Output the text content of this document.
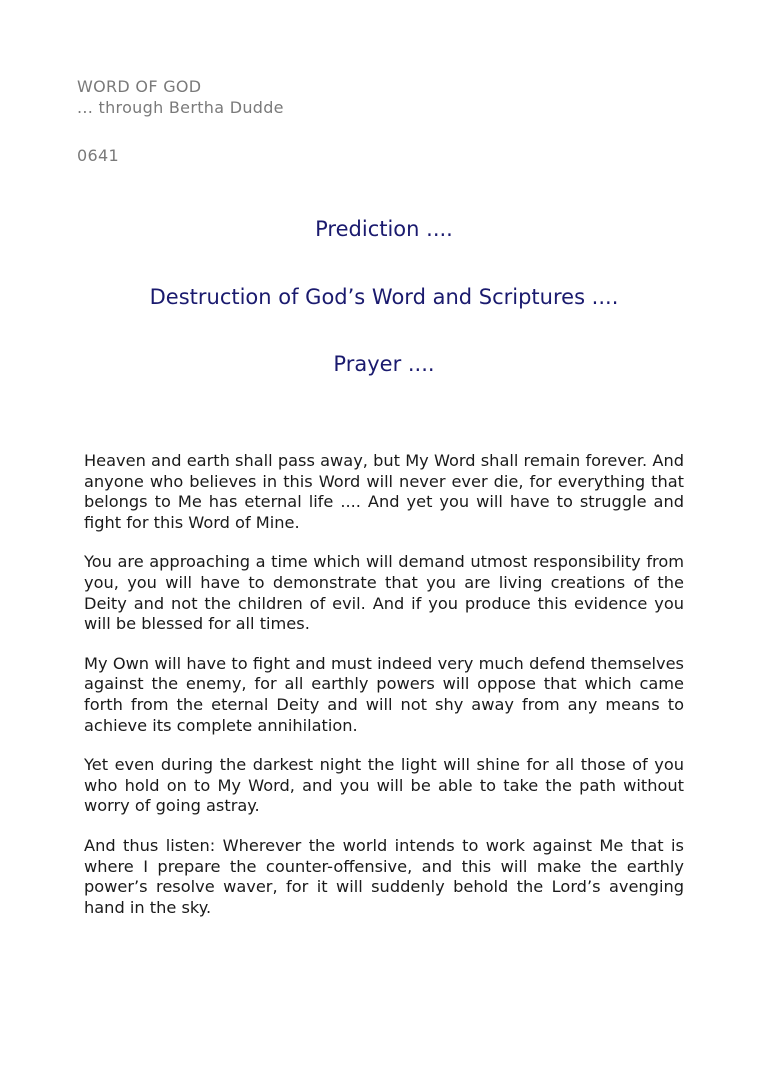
WORD OF GOD
... through Bertha Dudde
0641
Prediction ....
Destruction of God’s Word and Scriptures ....
Prayer ....

Heaven and earth shall pass away, but My Word shall remain forever. And anyone who believes in this Word will never ever die, for everything that belongs to Me has eternal life .... And yet you will have to struggle and fight for this Word of Mine.

You are approaching a time which will demand utmost responsibility from you, you will have to demonstrate that you are living creations of the Deity and not the children of evil. And if you produce this evidence you will be blessed for all times.

My Own will have to fight and must indeed very much defend themselves against the enemy, for all earthly powers will oppose that which came forth from the eternal Deity and will not shy away from any means to achieve its complete annihilation.

Yet even during the darkest night the light will shine for all those of you who hold on to My Word, and you will be able to take the path without worry of going astray.

And thus listen: Wherever the world intends to work against Me that is where I prepare the counter-offensive, and this will make the earthly power’s resolve waver, for it will suddenly behold the Lord’s avenging hand in the sky.
